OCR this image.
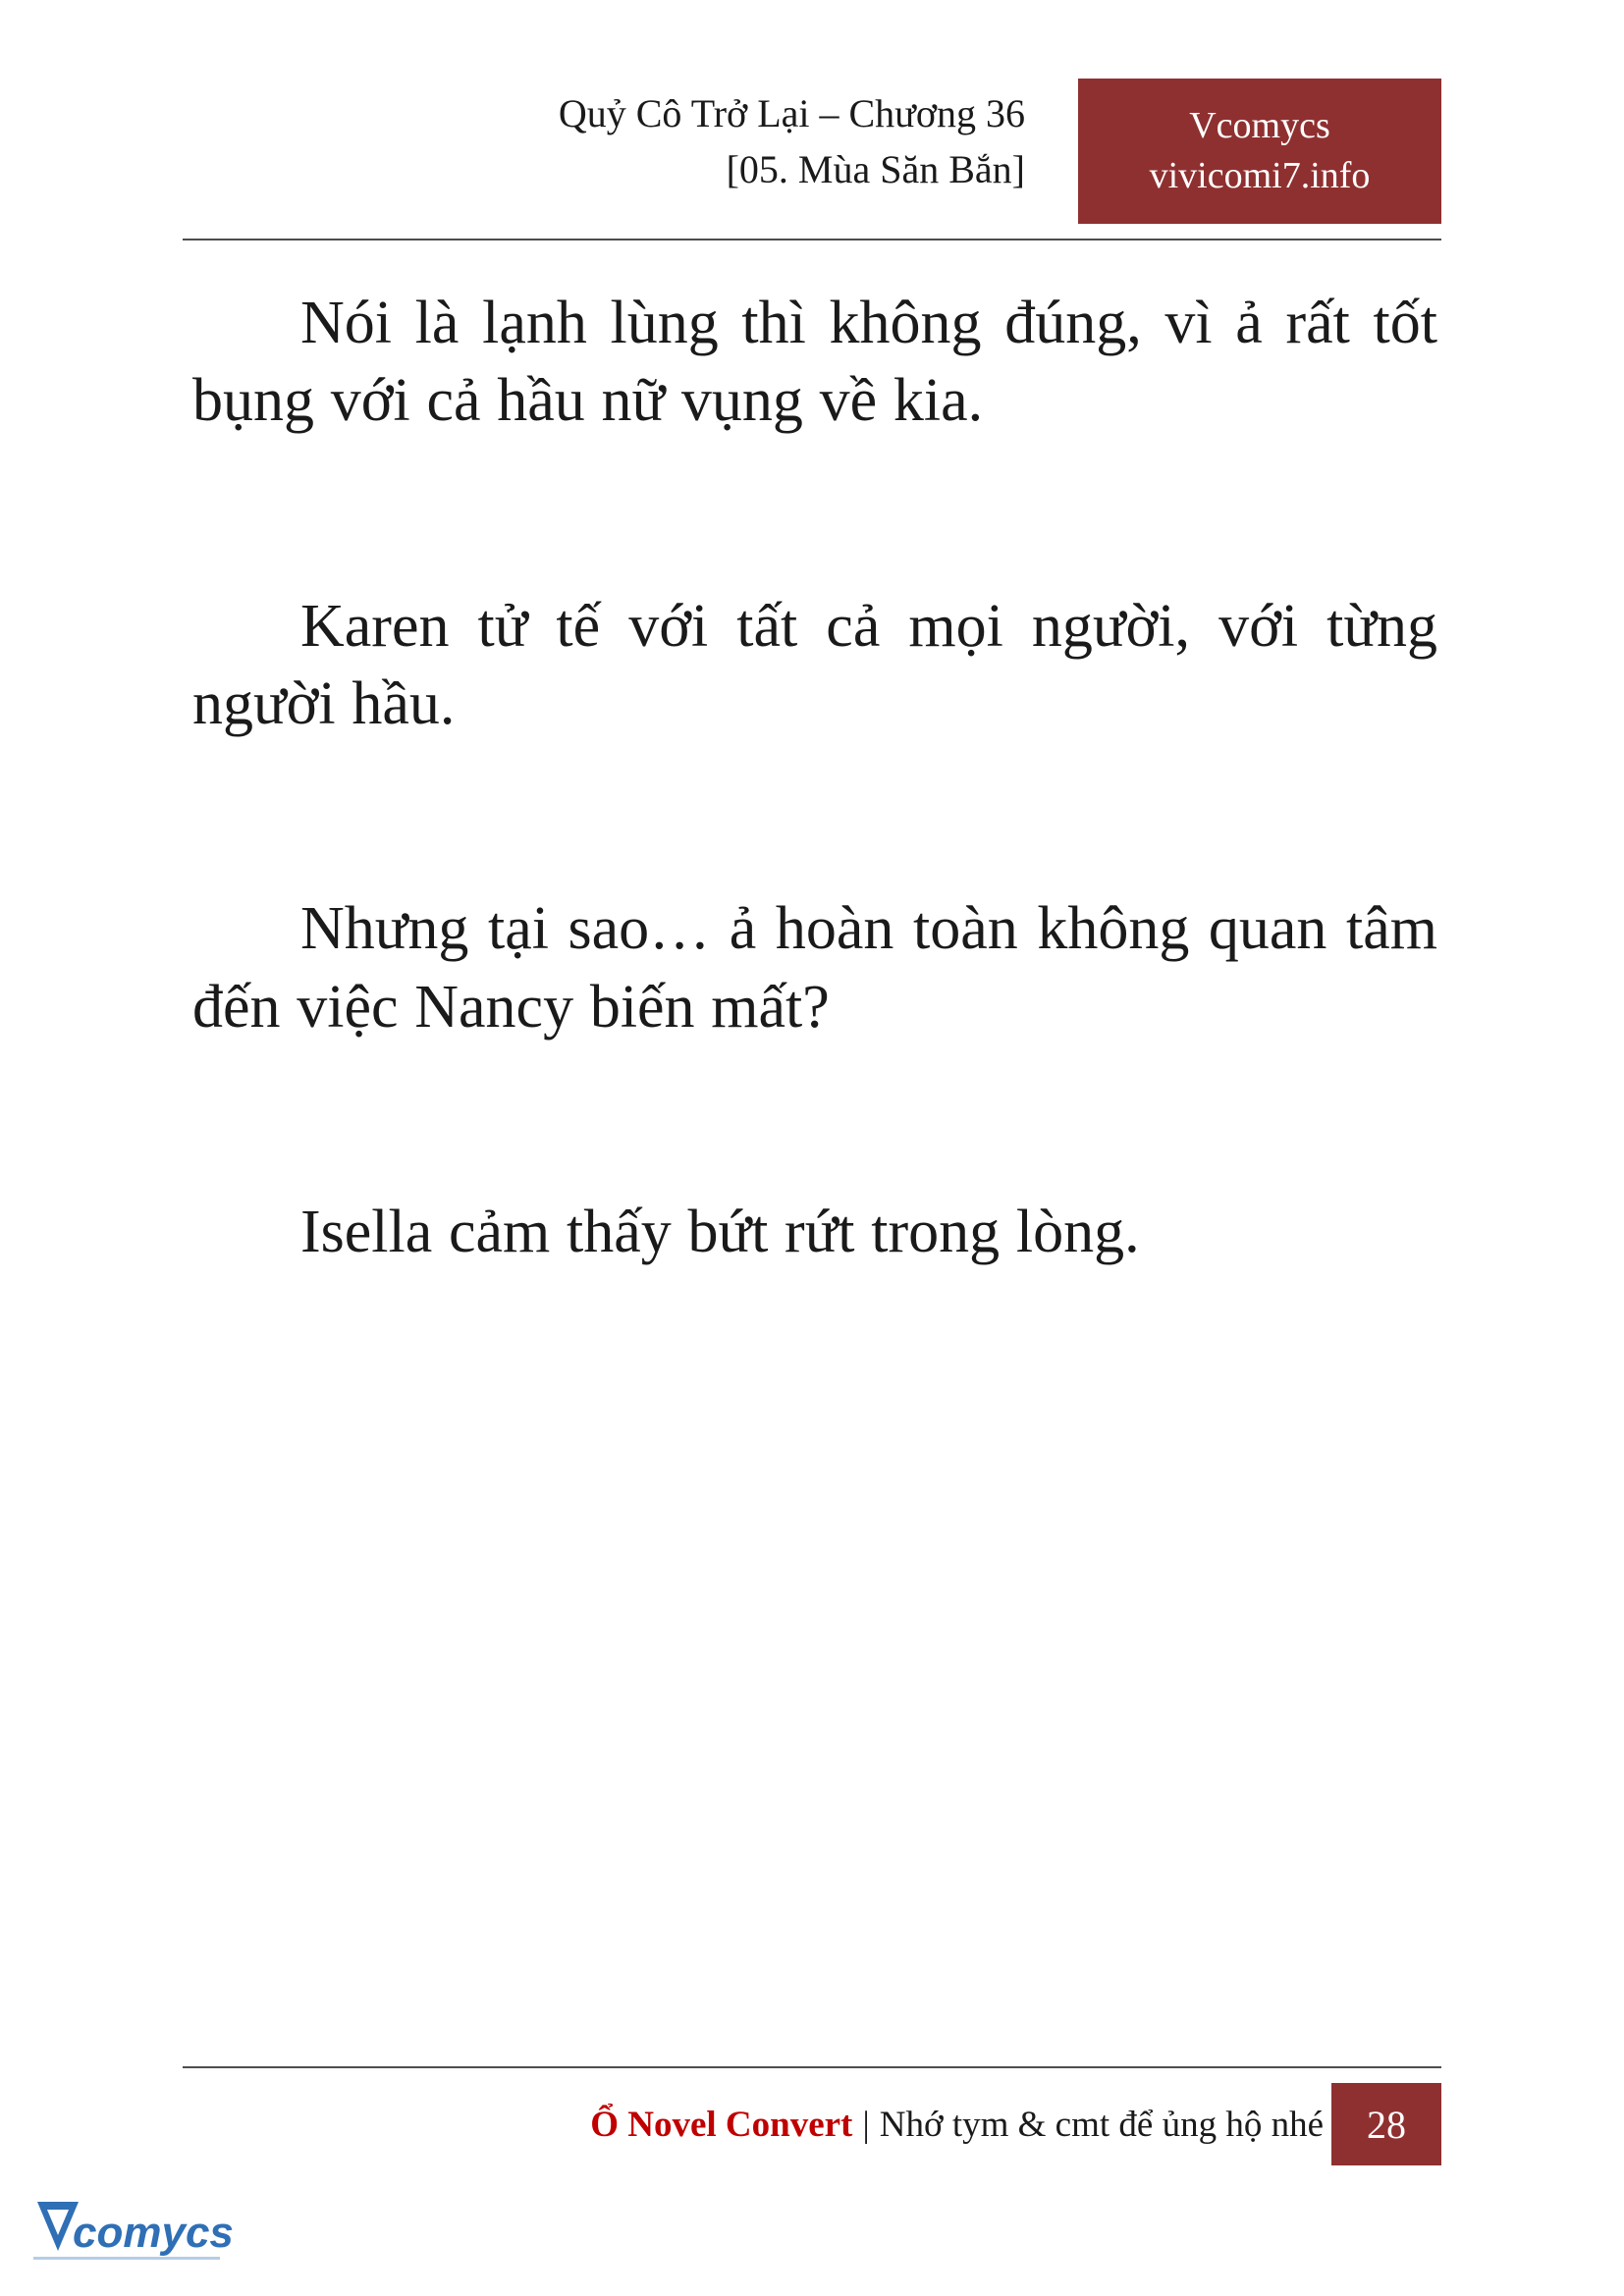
Quỷ Cô Trở Lại – Chương 36
[05. Mùa Săn Bắn]
Vcomycs
vivicomi7.info

Nói là lạnh lùng thì không đúng, vì ả rất tốt bụng với cả hầu nữ vụng về kia.

Karen tử tế với tất cả mọi người, với từng người hầu.

Nhưng tại sao… ả hoàn toàn không quan tâm đến việc Nancy biến mất?

Isella cảm thấy bứt rứt trong lòng.

Ổ Novel Convert | Nhớ tym & cmt để ủng hộ nhé	28
comycs
